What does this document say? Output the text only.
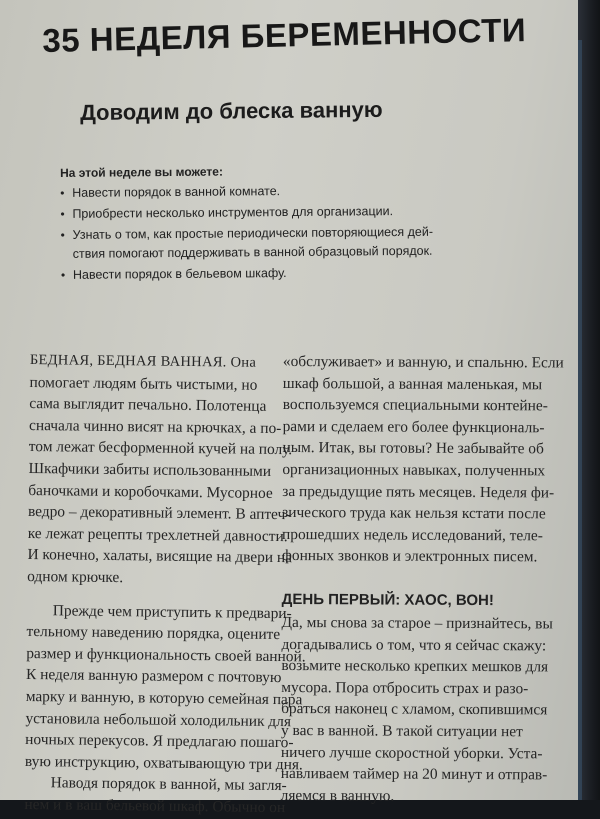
35 НЕДЕЛЯ БЕРЕМЕННОСТИ
Доводим до блеска ванную
На этой неделе вы можете:
• Навести порядок в ванной комнате.
• Приобрести несколько инструментов для организации.
• Узнать о том, как простые периодически повторяющиеся дей-
ствия помогают поддерживать в ванной образцовый порядок.
• Навести порядок в бельевом шкафу.
БЕДНАЯ, БЕДНАЯ ВАННАЯ. Она
помогает людям быть чистыми, но
сама выглядит печально. Полотенца
сначала чинно висят на крючках, а по-
том лежат бесформенной кучей на полу.
Шкафчики забиты использованными
баночками и коробочками. Мусорное
ведро – декоративный элемент. В аптеч-
ке лежат рецепты трехлетней давности.
И конечно, халаты, висящие на двери на
одном крючке.
Прежде чем приступить к предвари-
тельному наведению порядка, оцените
размер и функциональность своей ванной.
К неделя ванную размером с почтовую
марку и ванную, в которую семейная пара
установила небольшой холодильник для
ночных перекусов. Я предлагаю пошаго-
вую инструкцию, охватывающую три дня.
Наводя порядок в ванной, мы загля-
нем и в ваш бельевой шкаф. Обычно он
«обслуживает» и ванную, и спальню. Если
шкаф большой, а ванная маленькая, мы
воспользуемся специальными контейне-
рами и сделаем его более функциональ-
ным. Итак, вы готовы? Не забывайте об
организационных навыках, полученных
за предыдущие пять месяцев. Неделя фи-
зического труда как нельзя кстати после
прошедших недель исследований, теле-
фонных звонков и электронных писем.
ДЕНЬ ПЕРВЫЙ: ХАОС, ВОН!
Да, мы снова за старое – признайтесь, вы
догадывались о том, что я сейчас скажу:
возьмите несколько крепких мешков для
мусора. Пора отбросить страх и разо-
браться наконец с хламом, скопившимся
у вас в ванной. В такой ситуации нет
ничего лучше скоростной уборки. Уста-
навливаем таймер на 20 минут и отправ-
ляемся в ванную.
